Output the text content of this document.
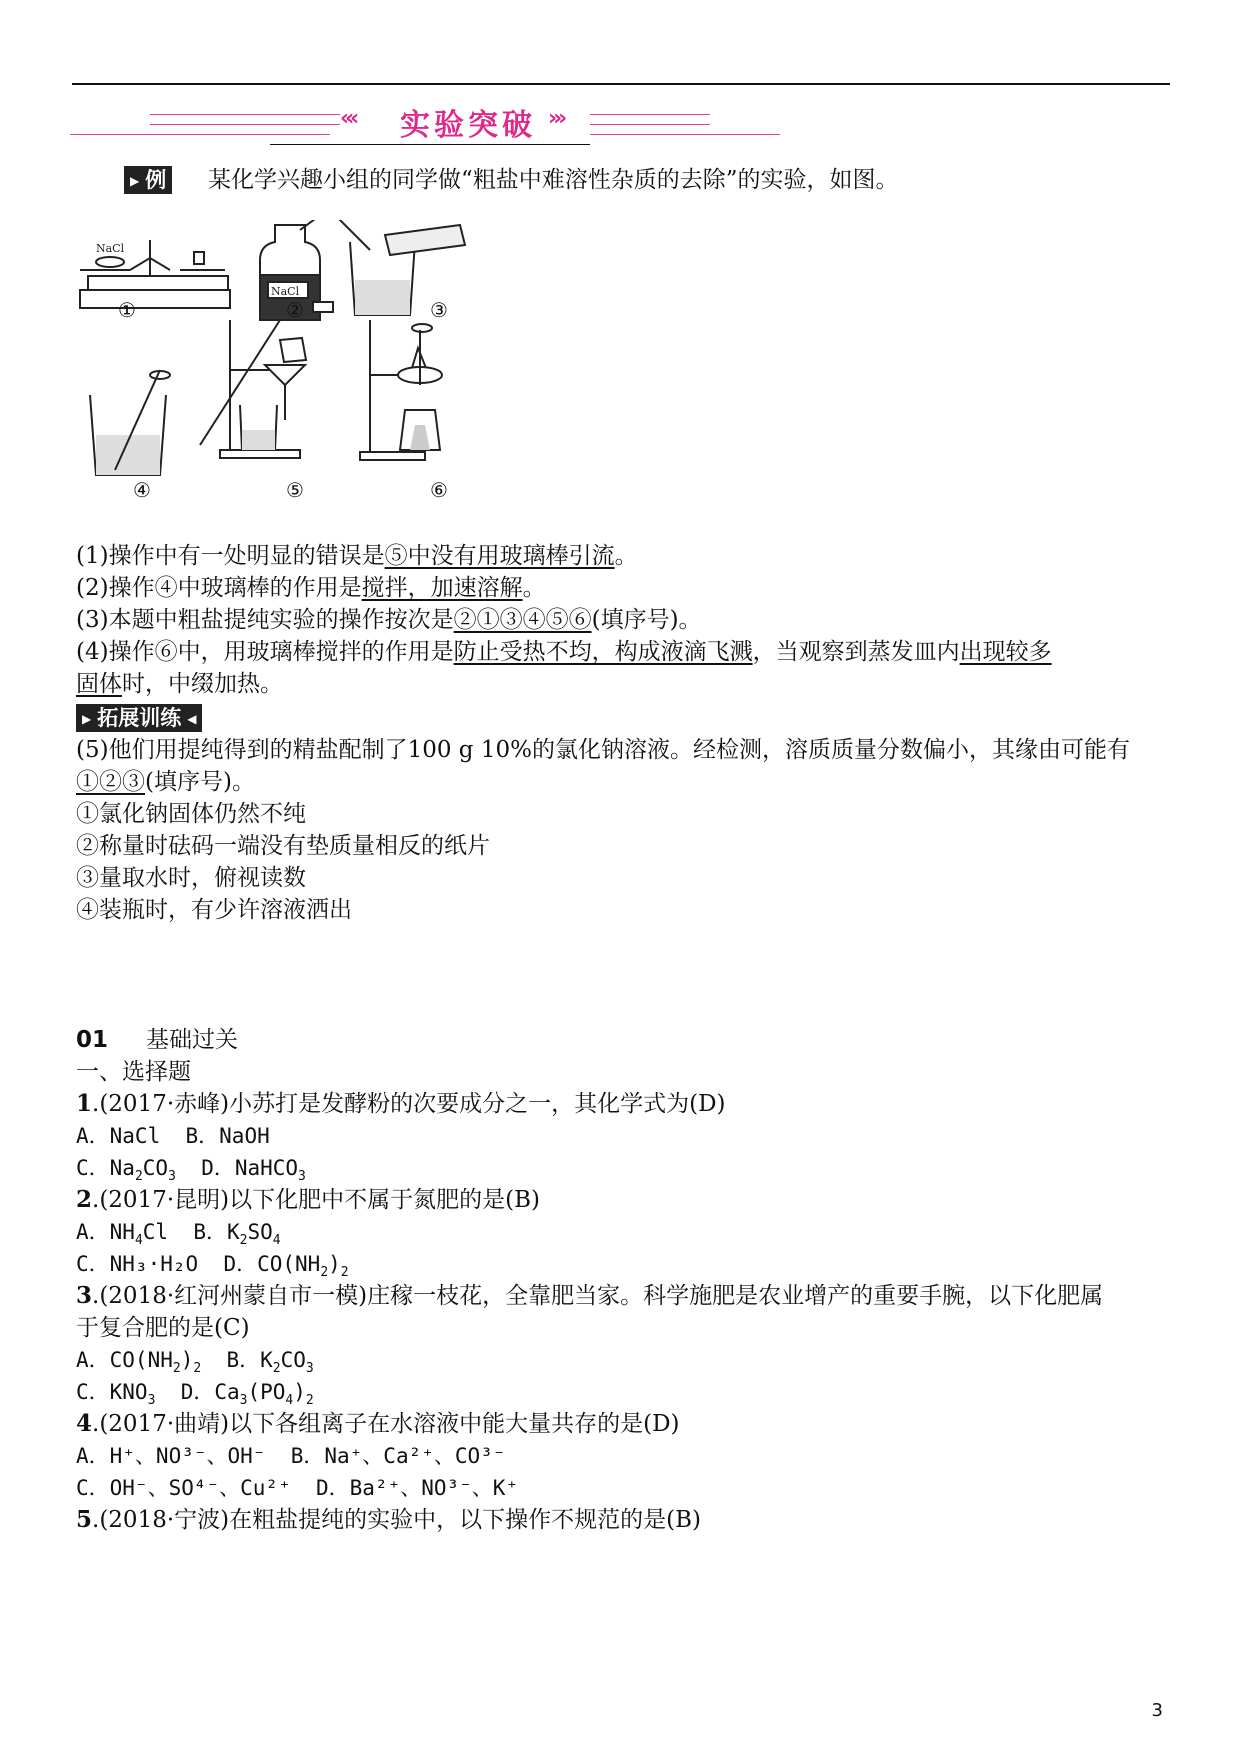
‹‹‹ 实验突破 ›››
▶ 例 某化学兴趣小组的同学做“粗盐中难溶性杂质的去除”的实验，如图。
NaCl
NaCl
①	②	③
④	⑤	⑥
(1)操作中有一处明显的错误是⑤中没有用玻璃棒引流。
(2)操作④中玻璃棒的作用是搅拌，加速溶解。
(3)本题中粗盐提纯实验的操作按次是②①③④⑤⑥(填序号)。
(4)操作⑥中，用玻璃棒搅拌的作用是防止受热不均，构成液滴飞溅，当观察到蒸发皿内出现较多
固体时，中缀加热。
▶ 拓展训练 ◀
(5)他们用提纯得到的精盐配制了100 g 10%的氯化钠溶液。经检测，溶质质量分数偏小，其缘由可能有
①②③(填序号)。
①氯化钠固体仍然不纯
②称量时砝码一端没有垫质量相反的纸片
③量取水时，俯视读数
④装瓶时，有少许溶液洒出
01 基础过关
一、选择题
1.(2017·赤峰)小苏打是发酵粉的次要成分之一，其化学式为(D)
A．NaCl B．NaOH
C．$Na_2CO_3$ D．NaHCO$_3$
2.(2017·昆明)以下化肥中不属于氮肥的是(B)
A．$NH_4Cl$ B．$K_2SO_4$
C．NH₃·H₂O D．$CO(NH_2)_2$
3.(2018·红河州蒙自市一模)庄稼一枝花，全靠肥当家。科学施肥是农业增产的重要手腕，以下化肥属
于复合肥的是(C)
A．$CO(NH_2)_2$ B．$K_2CO_3$
C．$KNO_3$ D．$Ca_3(PO_4)_2$
4.(2017·曲靖)以下各组离子在水溶液中能大量共存的是(D)
A．H⁺、NO³⁻、OH⁻ B．Na⁺、Ca²⁺、CO³⁻
C．OH⁻、SO⁴⁻、Cu²⁺ D．Ba²⁺、NO³⁻、K⁺
5.(2018·宁波)在粗盐提纯的实验中，以下操作不规范的是(B)
3
